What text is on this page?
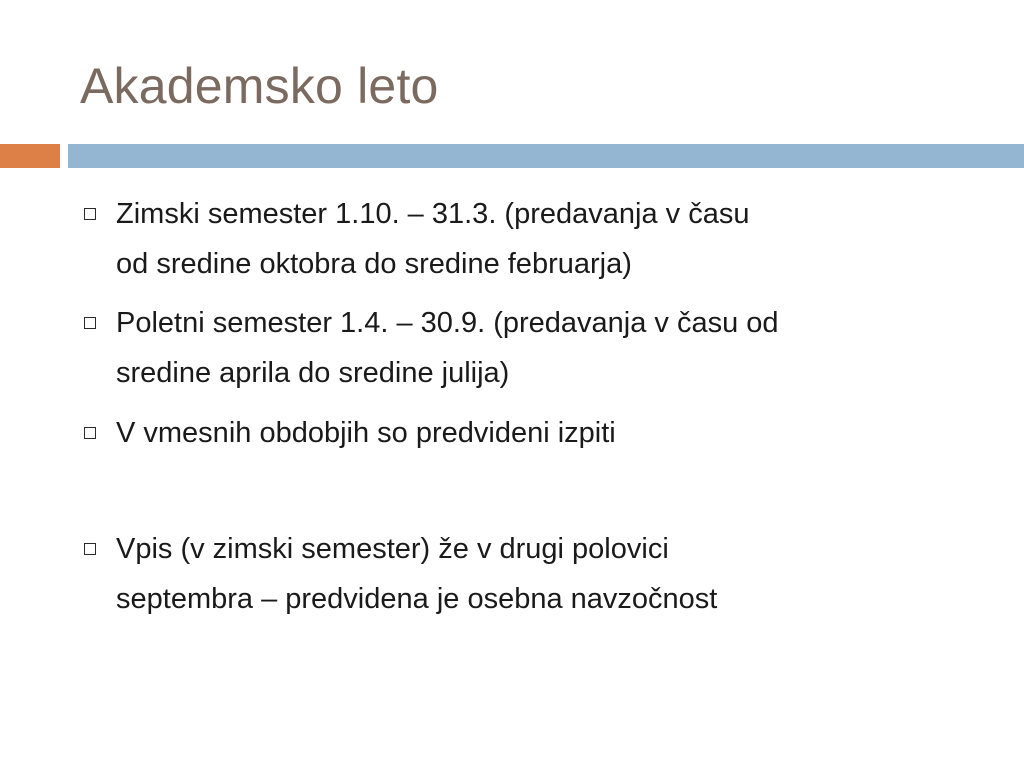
Akademsko leto
Zimski semester 1.10. – 31.3. (predavanja v času
od sredine oktobra do sredine februarja)
Poletni semester 1.4. – 30.9. (predavanja v času od
sredine aprila do sredine julija)
V vmesnih obdobjih so predvideni izpiti
Vpis (v zimski semester) že v drugi polovici
septembra – predvidena je osebna navzočnost
